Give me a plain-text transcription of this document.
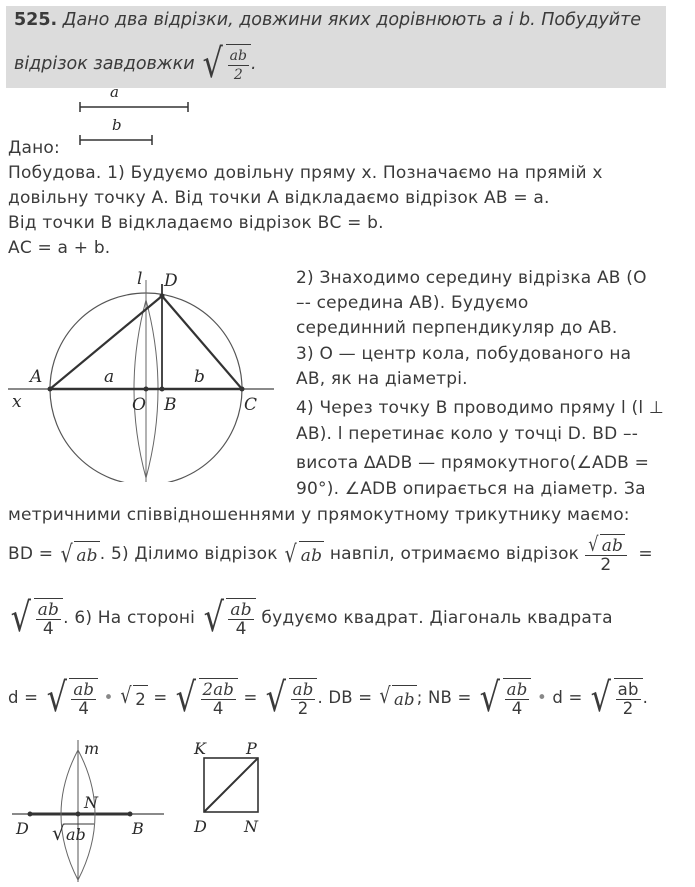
525. Дано два відрізки, довжини яких дорівнюють a і b. Побудуйте
відрізок завдовжки √ $\frac{ab}{2}$ .
a
b
Дано:
Побудова. 1) Будуємо довільну пряму x. Позначаємо на прямій x
довільну точку А. Від точки А відкладаємо відрізок АВ = a.
Від точки В відкладаємо відрізок ВС = b.
АС = a + b.
A
x
a	b
O B	C
D
l	2) Знаходимо середину відрізка АВ (О
–- середина АВ). Будуємо
серединний перпендикуляр до АВ.
3) О — центр кола, побудованого на
АВ, як на діаметрі.
4) Через точку В проводимо пряму l (l ⊥
АВ). l перетинає коло у точці D. BD –-
висота ∆ADB — прямокутного(∠ADB =
90°). ∠ADB опирається на діаметр. За
метричними співвідношеннями у прямокутному трикутнику маємо:
BD =
√ ab . 5) Ділимо відрізок
√ ab
навпіл, отримаємо відрізок
$\frac{√ ab}{2}$
=
√ $\frac{ab}{4}$ . 6) На стороні
√ $\frac{ab}{4}$
будуємо квадрат. Діагональ квадрата
d =
√ $\frac{ab}{4}$
•
√ 2
=
√ $\frac{2ab}{4}$
=
√ $\frac{ab}{2}$ . DB =
√ ab ; NB =
√ $\frac{ab}{4}$
•
d
=
√ $\frac{ab}{2}$ .
m
N
D	B
√ ab
K	P
D N
